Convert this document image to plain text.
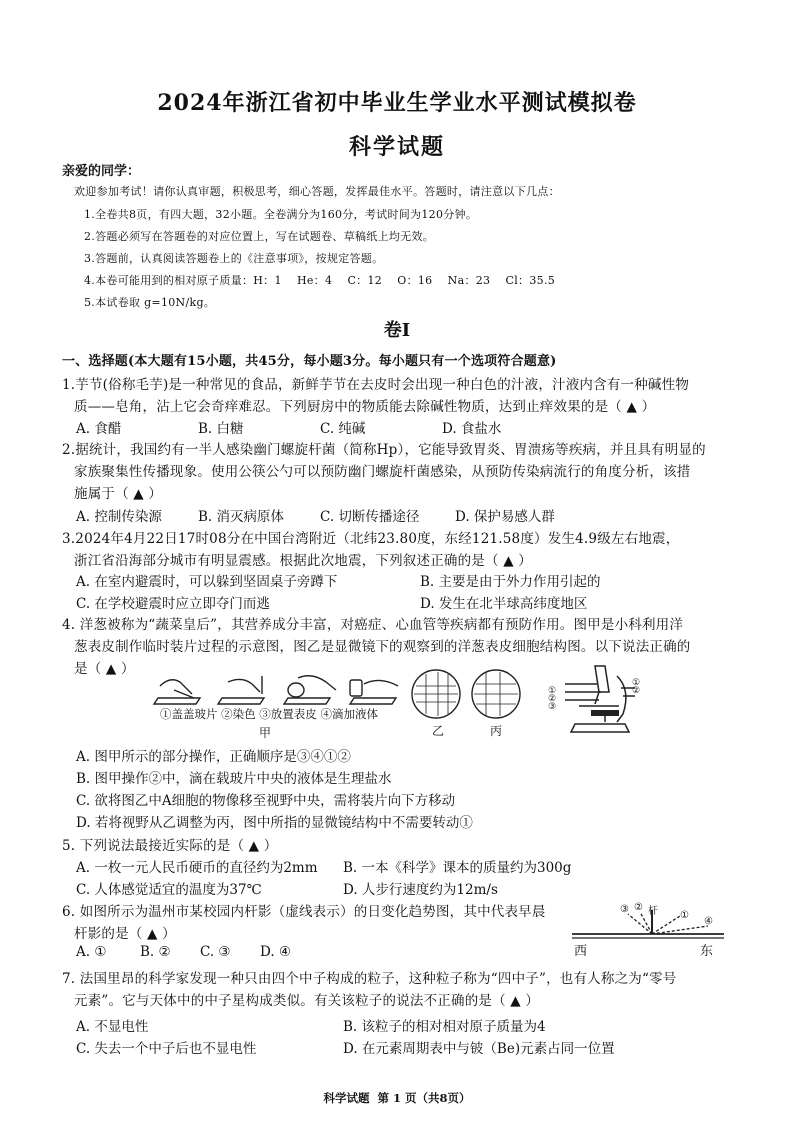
2024年浙江省初中毕业生学业水平测试模拟卷
科学试题
亲爱的同学：
欢迎参加考试！请你认真审题，积极思考，细心答题，发挥最佳水平。答题时，请注意以下几点：
1.全卷共8页，有四大题，32小题。全卷满分为160分，考试时间为120分钟。
2.答题必须写在答题卷的对应位置上，写在试题卷、草稿纸上均无效。
3.答题前，认真阅读答题卷上的《注意事项》，按规定答题。
4.本卷可能用到的相对原子质量：H：1    He：4    C：12    O：16    Na：23    Cl：35.5
5.本试卷取 g=10N/kg。
卷Ⅰ
一、选择题(本大题有15小题，共45分，每小题3分。每小题只有一个选项符合题意)
1.芋节(俗称毛芋)是一种常见的食品，新鲜芋节在去皮时会出现一种白色的汁液，汁液内含有一种碱性物
质——皂角，沾上它会奇痒难忍。下列厨房中的物质能去除碱性物质，达到止痒效果的是（ ▲ ）
A. 食醋	B. 白糖	C. 纯碱	D. 食盐水
2.据统计，我国约有一半人感染幽门螺旋杆菌（简称Hp），它能导致胃炎、胃溃疡等疾病，并且具有明显的
家族聚集性传播现象。使用公筷公勺可以预防幽门螺旋杆菌感染，从预防传染病流行的角度分析，该措
施属于（ ▲ ）
A. 控制传染源	B. 消灭病原体	C. 切断传播途径	D. 保护易感人群
3.2024年4月22日17时08分在中国台湾附近（北纬23.80度，东经121.58度）发生4.9级左右地震，
浙江省沿海部分城市有明显震感。根据此次地震，下列叙述正确的是（ ▲ ）
A. 在室内避震时，可以躲到坚固桌子旁蹲下	B. 主要是由于外力作用引起的
C. 在学校避震时应立即夺门而逃	D. 发生在北半球高纬度地区
4. 洋葱被称为“蔬菜皇后”，其营养成分丰富，对癌症、心血管等疾病都有预防作用。图甲是小科利用洋
葱表皮制作临时装片过程的示意图，图乙是显微镜下的观察到的洋葱表皮细胞结构图。以下说法正确的
是（ ▲ ）
①盖盖玻片 ②染色 ③放置表皮 ④滴加液体
甲	乙	丙
①
②
③
①
②
A. 图甲所示的部分操作，正确顺序是③④①②
B. 图甲操作②中，滴在载玻片中央的液体是生理盐水
C. 欲将图乙中A细胞的物像移至视野中央，需将装片向下方移动
D. 若将视野从乙调整为丙，图中所指的显微镜结构中不需要转动①
5. 下列说法最接近实际的是（ ▲ ）
A. 一枚一元人民币硬币的直径约为2mm B. 一本《科学》课本的质量约为300g
C. 人体感觉适宜的温度为37℃	D. 人步行速度约为12m/s
6. 如图所示为温州市某校园内杆影（虚线表示）的日变化趋势图，其中代表早晨
杆影的是（ ▲ ）
A. ① B. ② C. ③ D. ④
③ ② 杆 ①
④
西	东
7. 法国里昂的科学家发现一种只由四个中子构成的粒子，这种粒子称为“四中子”，也有人称之为“零号
元素”。它与天体中的中子星构成类似。有关该粒子的说法不正确的是（ ▲ ）
A. 不显电性	B. 该粒子的相对相对原子质量为4
C. 失去一个中子后也不显电性	D. 在元素周期表中与铍（Be)元素占同一位置
科学试题  第 1 页（共8页）
